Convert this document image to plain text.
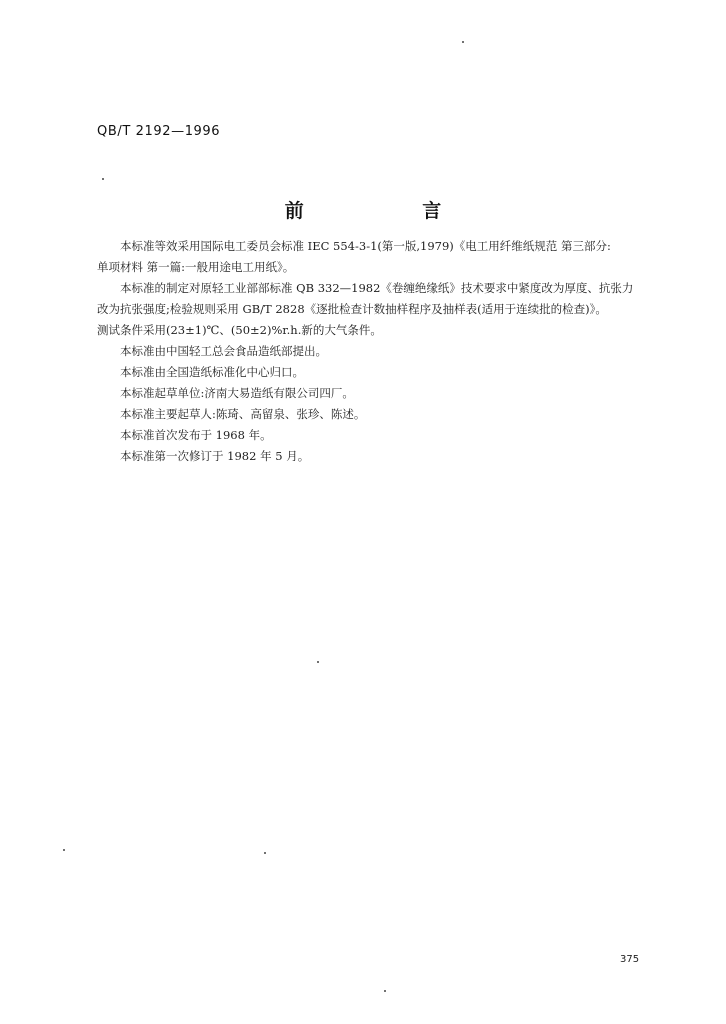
QB/T 2192—1996
前 言

本标准等效采用国际电工委员会标准 IEC 554-3-1(第一版,1979)《电工用纤维纸规范 第三部分:

单项材料 第一篇:一般用途电工用纸》。

本标准的制定对原轻工业部部标准 QB 332—1982《卷缠绝缘纸》技术要求中紧度改为厚度、抗张力

改为抗张强度;检验规则采用 GB/T 2828《逐批检查计数抽样程序及抽样表(适用于连续批的检查)》。

测试条件采用(23±1)℃、(50±2)%r.h.新的大气条件。

本标准由中国轻工总会食品造纸部提出。

本标准由全国造纸标准化中心归口。

本标准起草单位:济南大易造纸有限公司四厂。

本标准主要起草人:陈琦、高留泉、张珍、陈述。

本标准首次发布于 1968 年。

本标准第一次修订于 1982 年 5 月。

375
